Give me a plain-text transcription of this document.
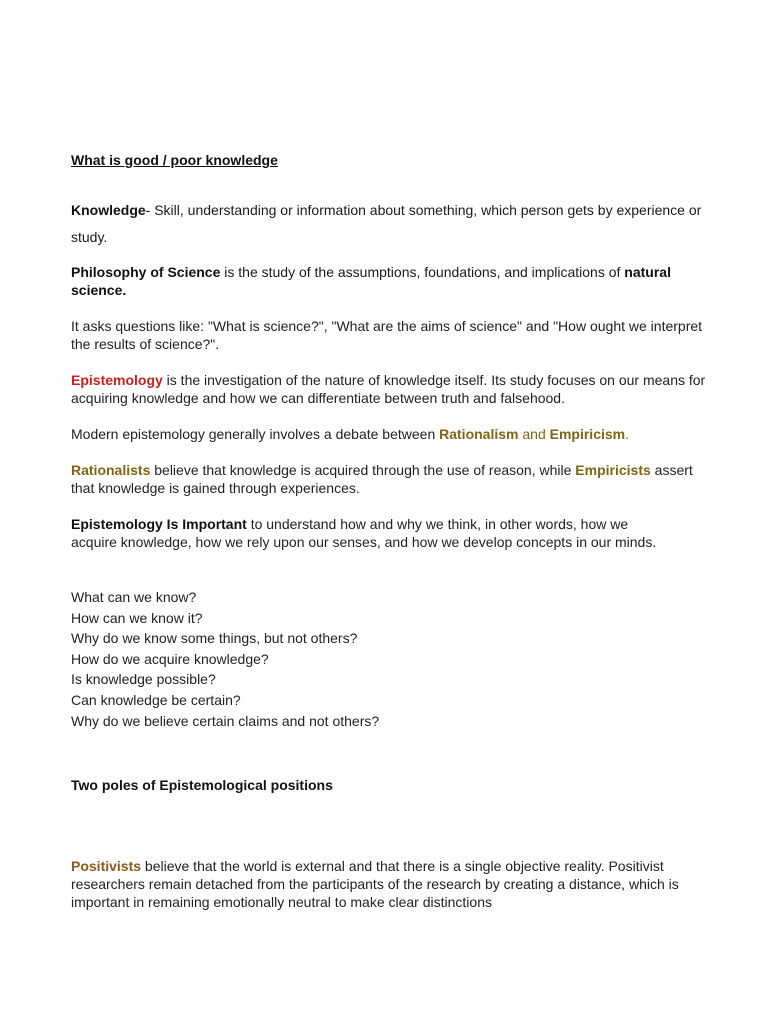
What is good / poor knowledge

Knowledge- Skill, understanding or information about something, which person gets by experience or study.

Philosophy of Science is the study of the assumptions, foundations, and implications of natural science.

It asks questions like: "What is science?", "What are the aims of science" and "How ought we interpret the results of science?".

Epistemology is the investigation of the nature of knowledge itself. Its study focuses on our means for acquiring knowledge and how we can differentiate between truth and falsehood.

Modern epistemology generally involves a debate between Rationalism and Empiricism.

Rationalists believe that knowledge is acquired through the use of reason, while Empiricists assert that knowledge is gained through experiences.

Epistemology Is Important to understand how and why we think, in other words, how we acquire knowledge, how we rely upon our senses, and how we develop concepts in our minds.

What can we know?
How can we know it?
Why do we know some things, but not others?
How do we acquire knowledge?
Is knowledge possible?
Can knowledge be certain?
Why do we believe certain claims and not others?

Two poles of Epistemological positions

Positivists believe that the world is external and that there is a single objective reality. Positivist researchers remain detached from the participants of the research by creating a distance, which is important in remaining emotionally neutral to make clear distinctions
